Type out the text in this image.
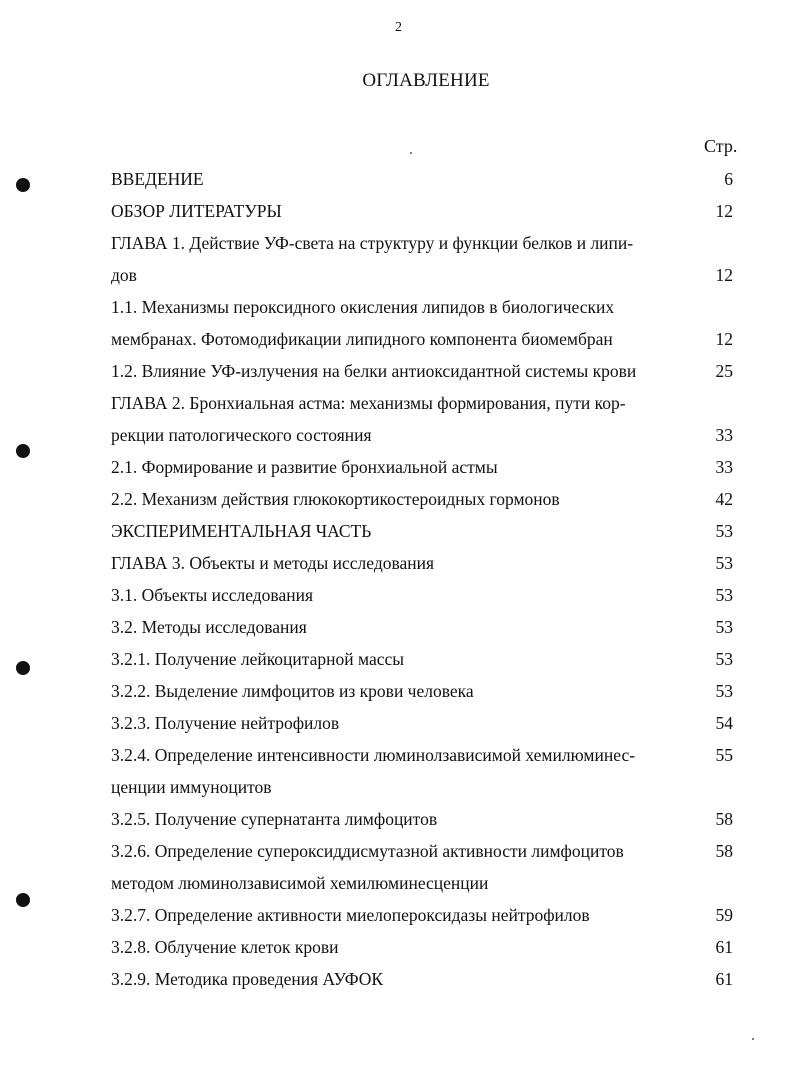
2
ОГЛАВЛЕНИЕ
Стр.
ВВЕДЕНИЕ	6
ОБЗОР ЛИТЕРАТУРЫ	12
ГЛАВА 1. Действие УФ-света на структуру и функции белков и липи-
дов	12
1.1. Механизмы пероксидного окисления липидов в биологических
мембранах. Фотомодификации липидного компонента биомембран	12
1.2. Влияние УФ-излучения на белки антиоксидантной системы крови	25
ГЛАВА 2. Бронхиальная астма: механизмы формирования, пути кор-
рекции патологического состояния	33
2.1. Формирование и развитие бронхиальной астмы	33
2.2. Механизм действия глюкокортикостероидных гормонов	42
ЭКСПЕРИМЕНТАЛЬНАЯ ЧАСТЬ	53
ГЛАВА 3. Объекты и методы исследования	53
3.1. Объекты исследования	53
3.2. Методы исследования	53
3.2.1. Получение лейкоцитарной массы	53
3.2.2. Выделение лимфоцитов из крови человека	53
3.2.3. Получение нейтрофилов	54
3.2.4. Определение интенсивности люминолзависимой хемилюминес-	55
ценции иммуноцитов
3.2.5. Получение супернатанта лимфоцитов	58
3.2.6. Определение супероксиддисмутазной активности лимфоцитов	58
методом люминолзависимой хемилюминесценции
3.2.7. Определение активности миелопероксидазы нейтрофилов	59
3.2.8. Облучение клеток крови	61
3.2.9. Методика проведения АУФОК	61
